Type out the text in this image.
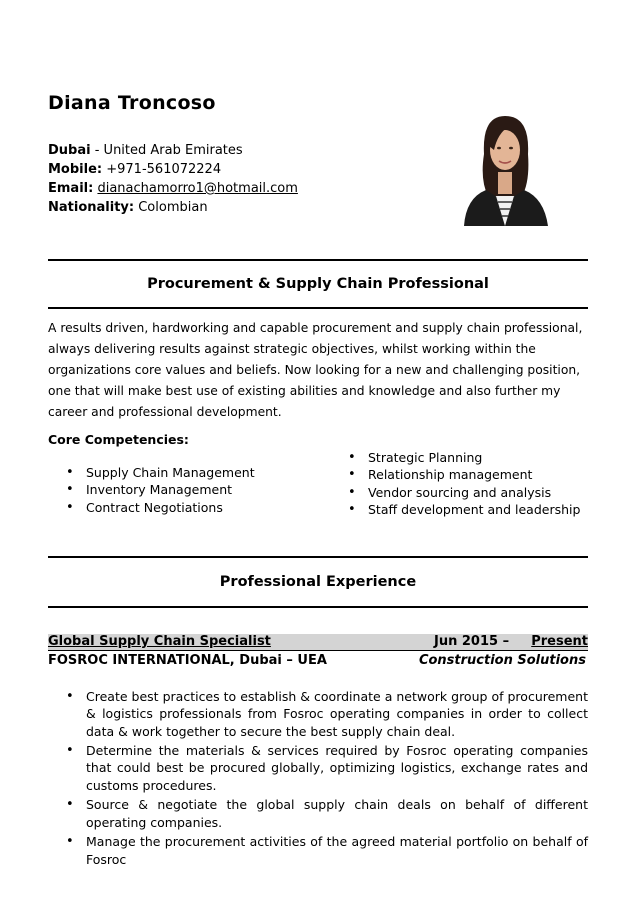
Diana Troncoso
Dubai - United Arab Emirates
Mobile: +971-561072224
Email: dianachamorro1@hotmail.com
Nationality: Colombian
Procurement & Supply Chain Professional
A results driven, hardworking and capable procurement and supply chain professional, always delivering results against strategic objectives, whilst working within the organizations core values and beliefs. Now looking for a new and challenging position, one that will make best use of existing abilities and knowledge and also further my career and professional development.
Core Competencies:
• Supply Chain Management
• Inventory Management
• Contract Negotiations
• Strategic Planning
• Relationship management
• Vendor sourcing and analysis
• Staff development and leadership
Professional Experience
Global Supply Chain Specialist	Jun 2015 – Present
FOSROC INTERNATIONAL, Dubai – UEA	Construction Solutions
• Create best practices to establish & coordinate a network group of procurement & logistics professionals from Fosroc operating companies in order to collect data & work together to secure the best supply chain deal.
• Determine the materials & services required by Fosroc operating companies that could best be procured globally, optimizing logistics, exchange rates and customs procedures.
• Source & negotiate the global supply chain deals on behalf of different operating companies.
• Manage the procurement activities of the agreed material portfolio on behalf of Fosroc
